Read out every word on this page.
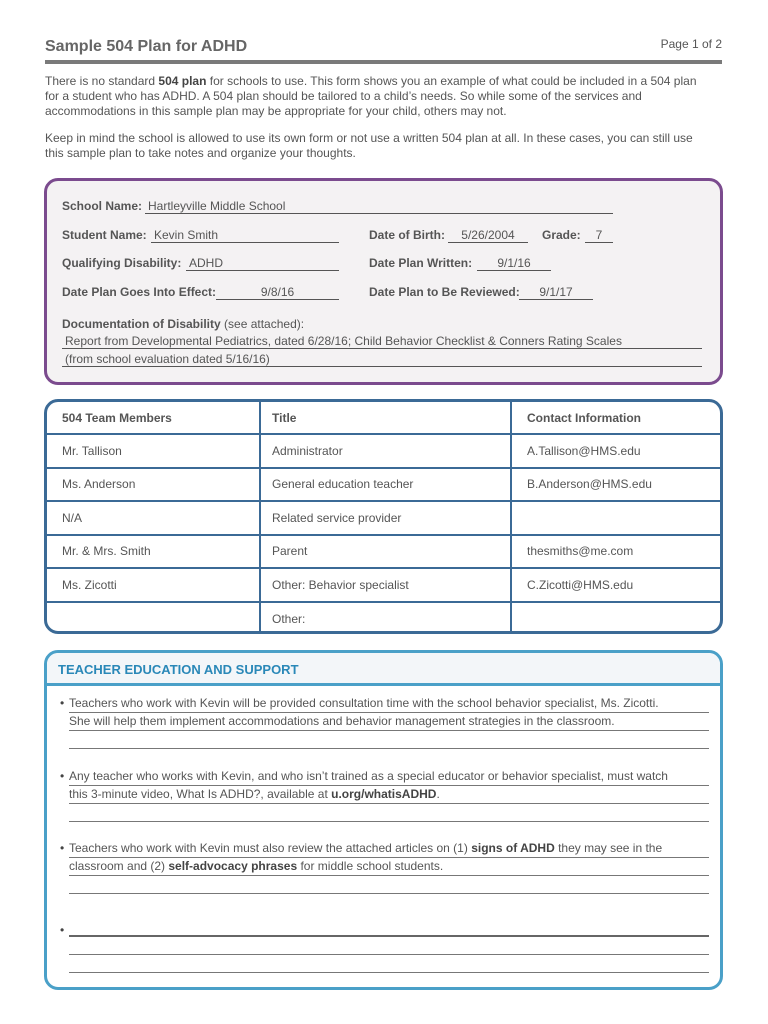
Sample 504 Plan for ADHD	Page 1 of 2
There is no standard 504 plan for schools to use. This form shows you an example of what could be included in a 504 plan
for a student who has ADHD. A 504 plan should be tailored to a child’s needs. So while some of the services and
accommodations in this sample plan may be appropriate for your child, others may not.
Keep in mind the school is allowed to use its own form or not use a written 504 plan at all. In these cases, you can still use
this sample plan to take notes and organize your thoughts.
School Name: Hartleyville Middle School
Student Name: Kevin Smith	Date of Birth:	5/26/2004	Grade:	7
Qualifying Disability: ADHD	Date Plan Written:	9/1/16
Date Plan Goes Into Effect:	9/8/16	Date Plan to Be Reviewed:	9/1/17
Documentation of Disability (see attached):
Report from Developmental Pediatrics, dated 6/28/16; Child Behavior Checklist & Conners Rating Scales
(from school evaluation dated 5/16/16)
504 Team Members	Title	Contact Information
Mr. Tallison	Administrator	A.Tallison@HMS.edu
Ms. Anderson	General education teacher	B.Anderson@HMS.edu
N/A	Related service provider	
Mr. & Mrs. Smith	Parent	thesmiths@me.com
Ms. Zicotti	Other: Behavior specialist	C.Zicotti@HMS.edu
	Other:	
TEACHER EDUCATION AND SUPPORT
• Teachers who work with Kevin will be provided consultation time with the school behavior specialist, Ms. Zicotti.
She will help them implement accommodations and behavior management strategies in the classroom.
• Any teacher who works with Kevin, and who isn’t trained as a special educator or behavior specialist, must watch
this 3-minute video, What Is ADHD?, available at u.org/whatisADHD.
• Teachers who work with Kevin must also review the attached articles on (1) signs of ADHD they may see in the
classroom and (2) self-advocacy phrases for middle school students.
•
